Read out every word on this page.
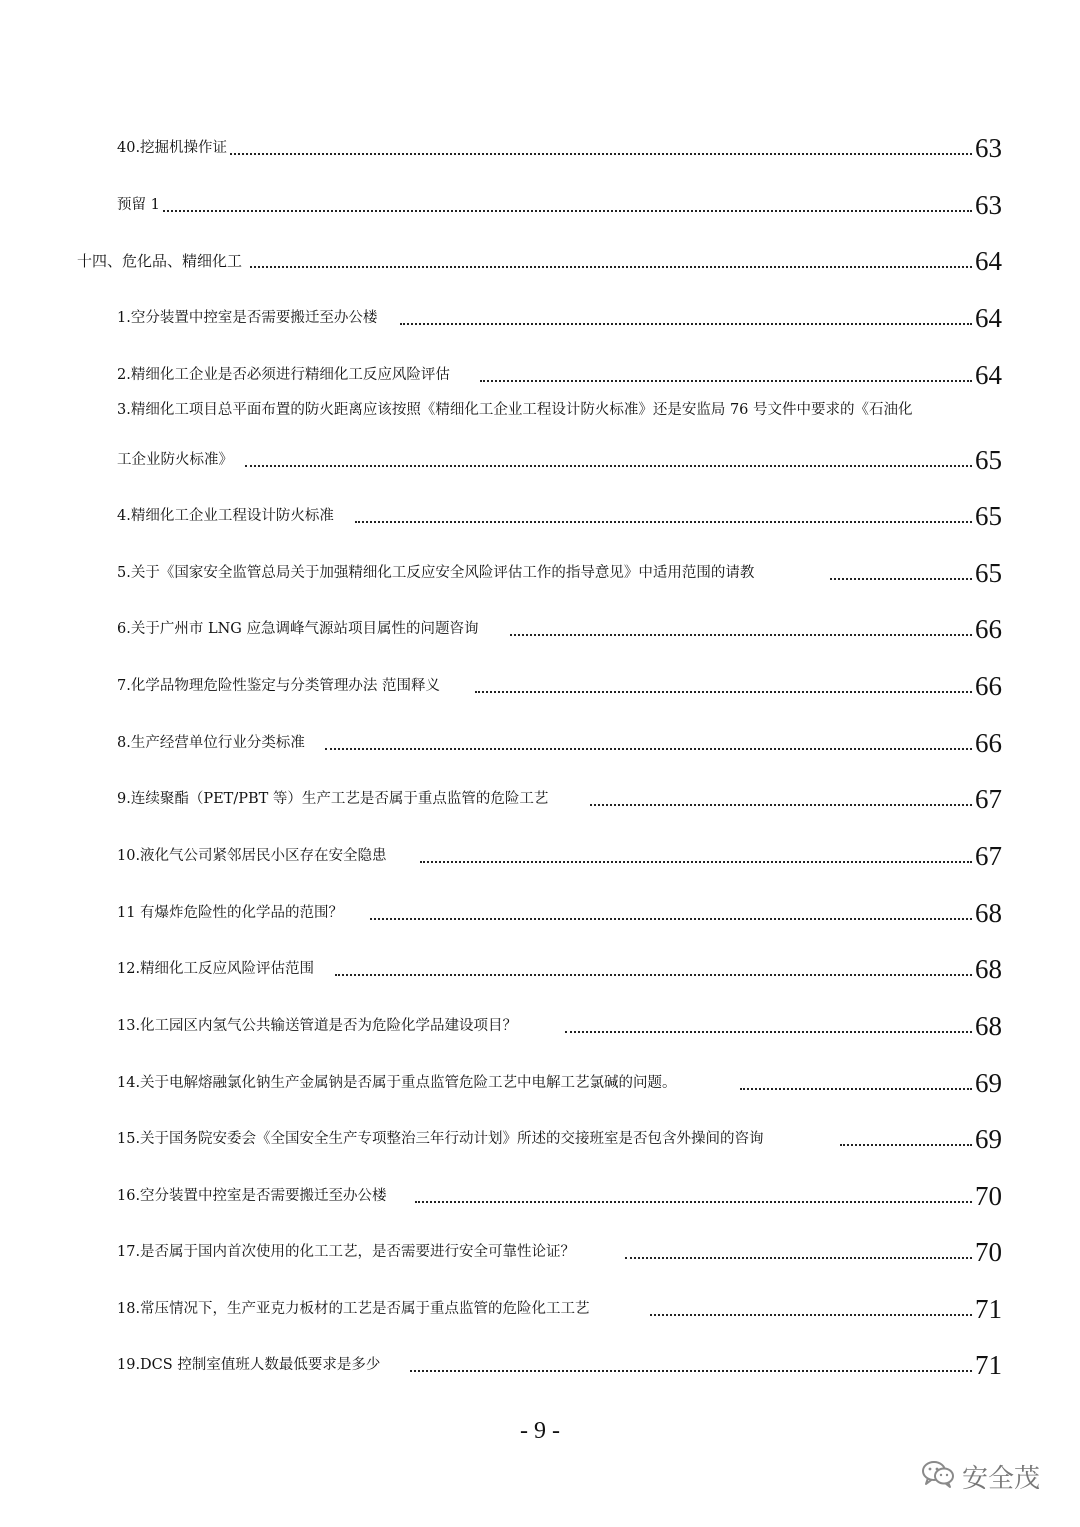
40.挖掘机操作证	63
预留 1	63
十四、危化品、精细化工	64
1.空分装置中控室是否需要搬迁至办公楼	64
2.精细化工企业是否必须进行精细化工反应风险评估	64
3.精细化工项目总平面布置的防火距离应该按照《精细化工企业工程设计防火标准》还是安监局 76 号文件中要求的《石油化
工企业防火标准》	65
4.精细化工企业工程设计防火标准	65
5.关于《国家安全监管总局关于加强精细化工反应安全风险评估工作的指导意见》中适用范围的请教	65
6.关于广州市 LNG 应急调峰气源站项目属性的问题咨询	66
7.化学品物理危险性鉴定与分类管理办法 范围释义	66
8.生产经营单位行业分类标准	66
9.连续聚酯（PET/PBT 等）生产工艺是否属于重点监管的危险工艺	67
10.液化气公司紧邻居民小区存在安全隐患	67
11 有爆炸危险性的化学品的范围？	68
12.精细化工反应风险评估范围	68
13.化工园区内氢气公共输送管道是否为危险化学品建设项目？	68
14.关于电解熔融氯化钠生产金属钠是否属于重点监管危险工艺中电解工艺氯碱的问题。	69
15.关于国务院安委会《全国安全生产专项整治三年行动计划》所述的交接班室是否包含外操间的咨询	69
16.空分装置中控室是否需要搬迁至办公楼	70
17.是否属于国内首次使用的化工工艺，是否需要进行安全可靠性论证？	70
18.常压情况下，生产亚克力板材的工艺是否属于重点监管的危险化工工艺	71
19.DCS 控制室值班人数最低要求是多少	71
- 9 -
安全茂
